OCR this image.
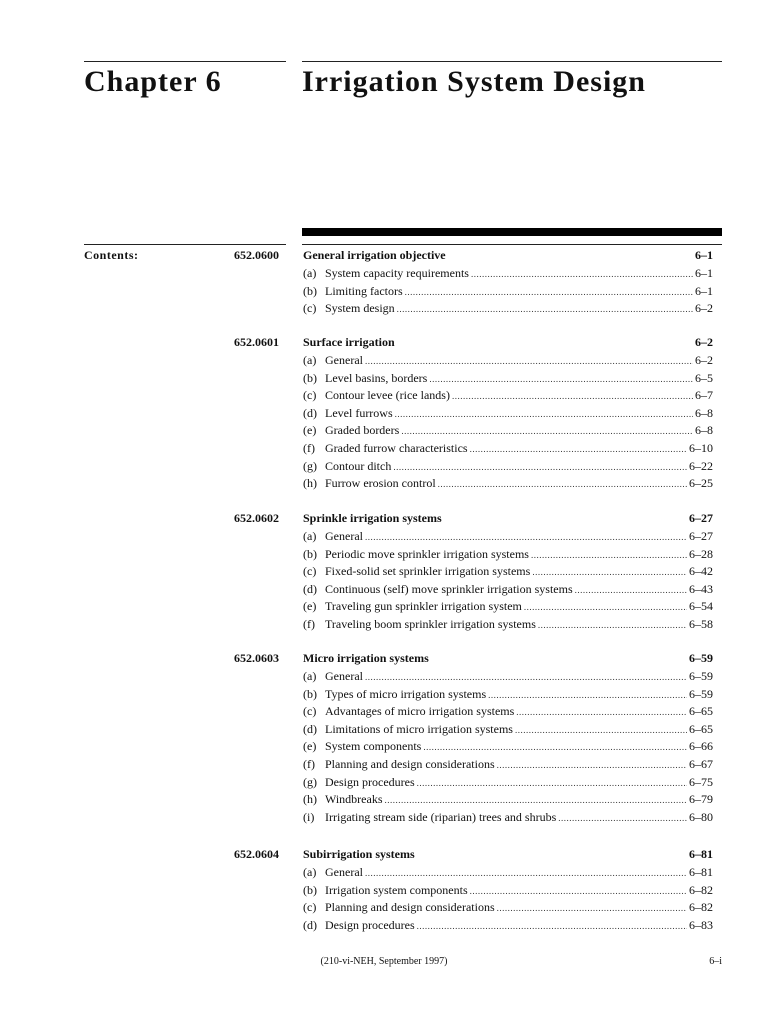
Chapter 6	Irrigation System Design
Contents:	652.0600 General irrigation objective	6–1
(a) System capacity requirements .....	6–1
(b) Limiting factors .....	6–1
(c) System design .....	6–2
652.0601 Surface irrigation	6–2
(a) General .....	6–2
(b) Level basins, borders .....	6–5
(c) Contour levee (rice lands) .....	6–7
(d) Level furrows .....	6–8
(e) Graded borders .....	6–8
(f) Graded furrow characteristics .....	6–10
(g) Contour ditch .....	6–22
(h) Furrow erosion control .....	6–25
652.0602 Sprinkle irrigation systems	6–27
(a) General .....	6–27
(b) Periodic move sprinkler irrigation systems .....	6–28
(c) Fixed-solid set sprinkler irrigation systems .....	6–42
(d) Continuous (self) move sprinkler irrigation systems .....	6–43
(e) Traveling gun sprinkler irrigation system .....	6–54
(f) Traveling boom sprinkler irrigation systems .....	6–58
652.0603 Micro irrigation systems	6–59
(a) General .....	6–59
(b) Types of micro irrigation systems .....	6–59
(c) Advantages of micro irrigation systems .....	6–65
(d) Limitations of micro irrigation systems .....	6–65
(e) System components .....	6–66
(f) Planning and design considerations .....	6–67
(g) Design procedures .....	6–75
(h) Windbreaks .....	6–79
(i) Irrigating stream side (riparian) trees and shrubs .....	6–80
652.0604 Subirrigation systems	6–81
(a) General .....	6–81
(b) Irrigation system components .....	6–82
(c) Planning and design considerations .....	6–82
(d) Design procedures .....	6–83
(210-vi-NEH, September 1997)	6–i
